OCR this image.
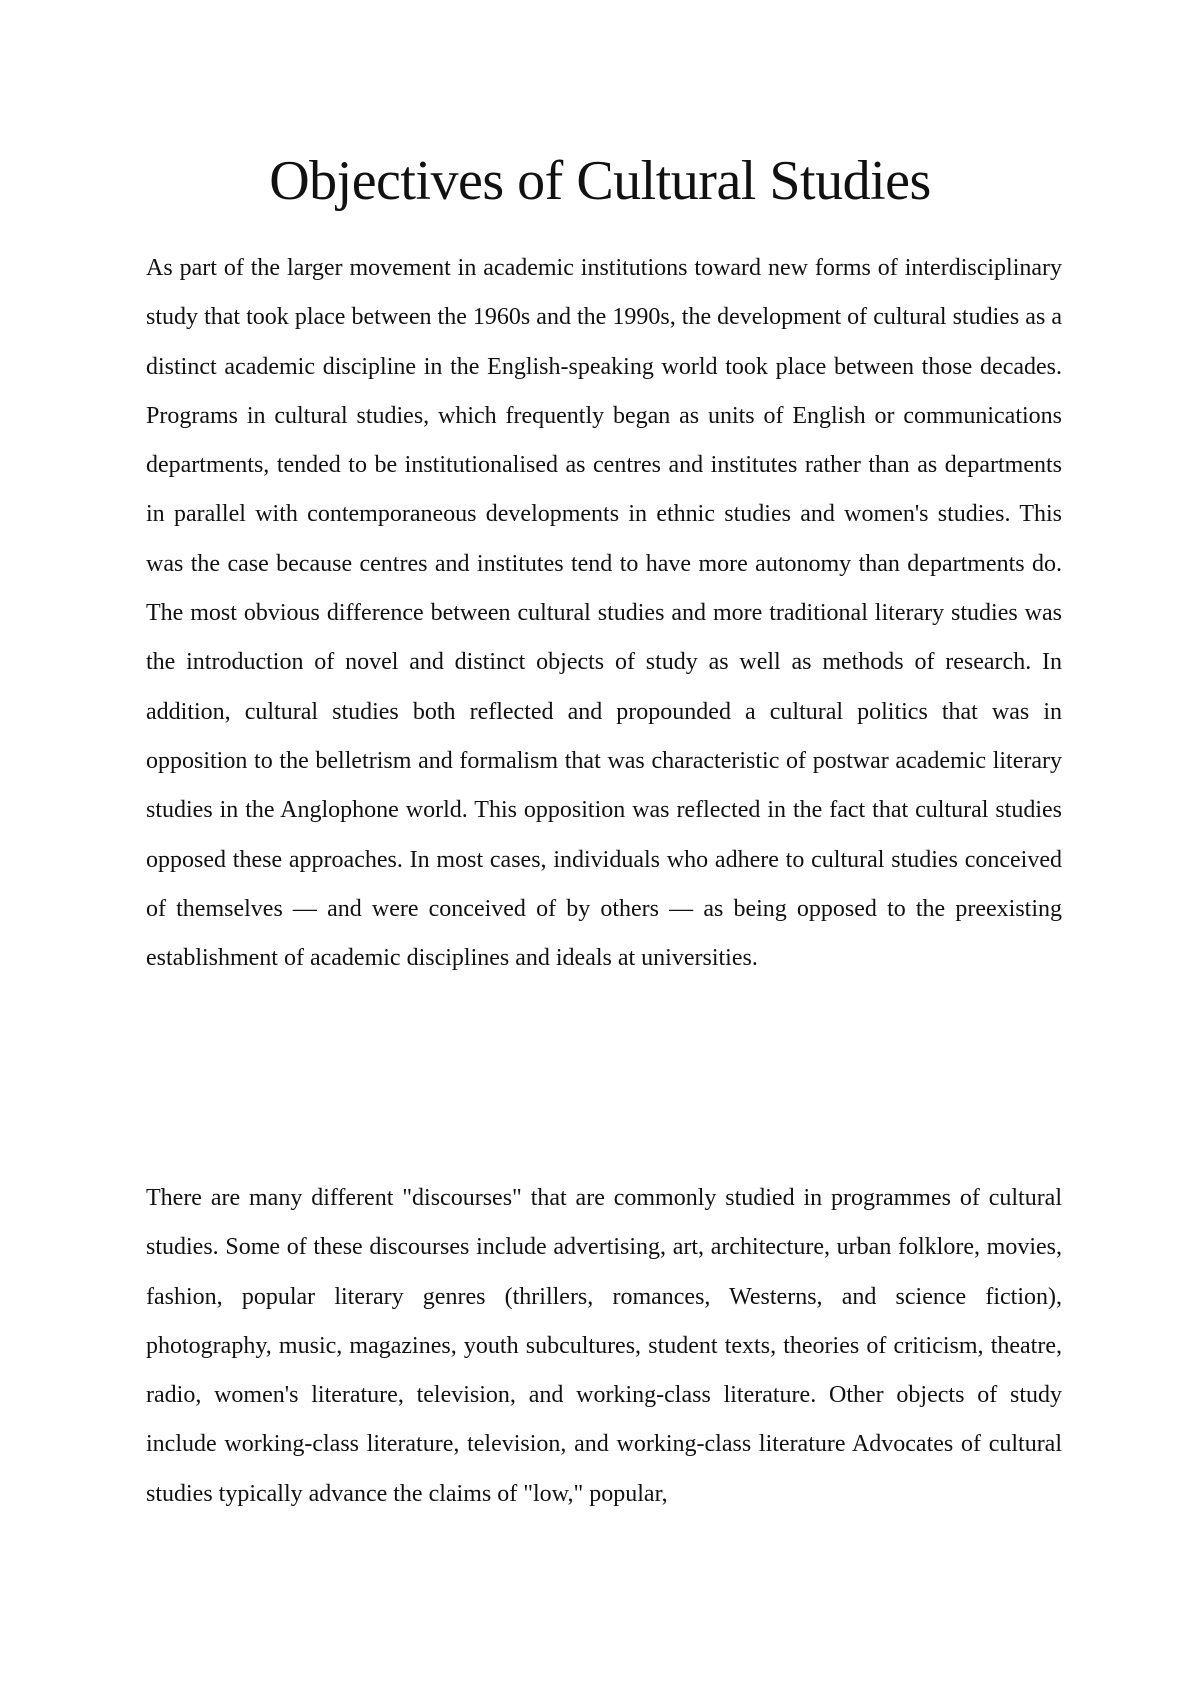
Objectives of Cultural Studies

As part of the larger movement in academic institutions toward new forms of interdisciplinary study that took place between the 1960s and the 1990s, the development of cultural studies as a distinct academic discipline in the English-speaking world took place between those decades. Programs in cultural studies, which frequently began as units of English or communications departments, tended to be institutionalised as centres and institutes rather than as departments in parallel with contemporaneous developments in ethnic studies and women's studies. This was the case because centres and institutes tend to have more autonomy than departments do. The most obvious difference between cultural studies and more traditional literary studies was the introduction of novel and distinct objects of study as well as methods of research. In addition, cultural studies both reflected and propounded a cultural politics that was in opposition to the belletrism and formalism that was characteristic of postwar academic literary studies in the Anglophone world. This opposition was reflected in the fact that cultural studies opposed these approaches. In most cases, individuals who adhere to cultural studies conceived of themselves — and were conceived of by others — as being opposed to the preexisting establishment of academic disciplines and ideals at universities.

There are many different "discourses" that are commonly studied in programmes of cultural studies. Some of these discourses include advertising, art, architecture, urban folklore, movies, fashion, popular literary genres (thrillers, romances, Westerns, and science fiction), photography, music, magazines, youth subcultures, student texts, theories of criticism, theatre, radio, women's literature, television, and working-class literature. Other objects of study include working-class literature, television, and working-class literature Advocates of cultural studies typically advance the claims of "low," popular,
